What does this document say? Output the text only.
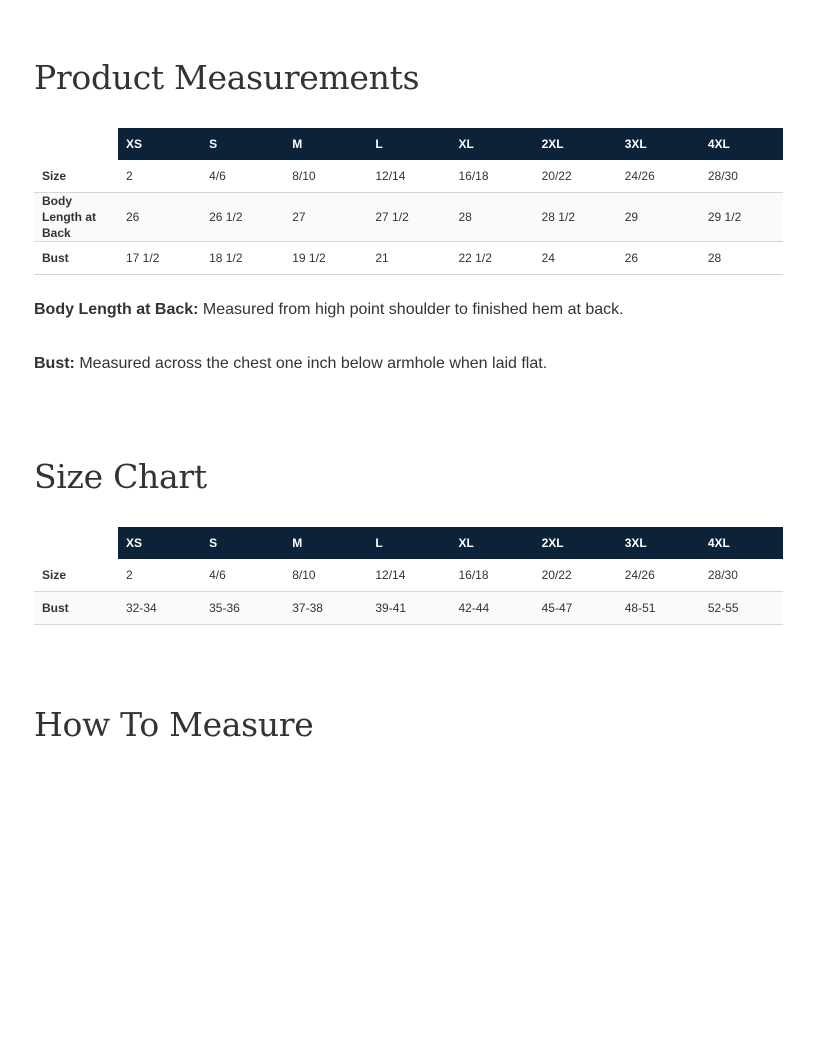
Product Measurements
	XS	S	M	L	XL	2XL	3XL	4XL
Size	2	4/6	8/10	12/14	16/18	20/22	24/26	28/30
Body Length at Back	26	26 1/2	27	27 1/2	28	28 1/2	29	29 1/2
Bust	17 1/2	18 1/2	19 1/2	21	22 1/2	24	26	28

Body Length at Back: Measured from high point shoulder to finished hem at back.

Bust: Measured across the chest one inch below armhole when laid flat.

Size Chart
	XS	S	M	L	XL	2XL	3XL	4XL
Size	2	4/6	8/10	12/14	16/18	20/22	24/26	28/30
Bust	32-34	35-36	37-38	39-41	42-44	45-47	48-51	52-55
How To Measure
